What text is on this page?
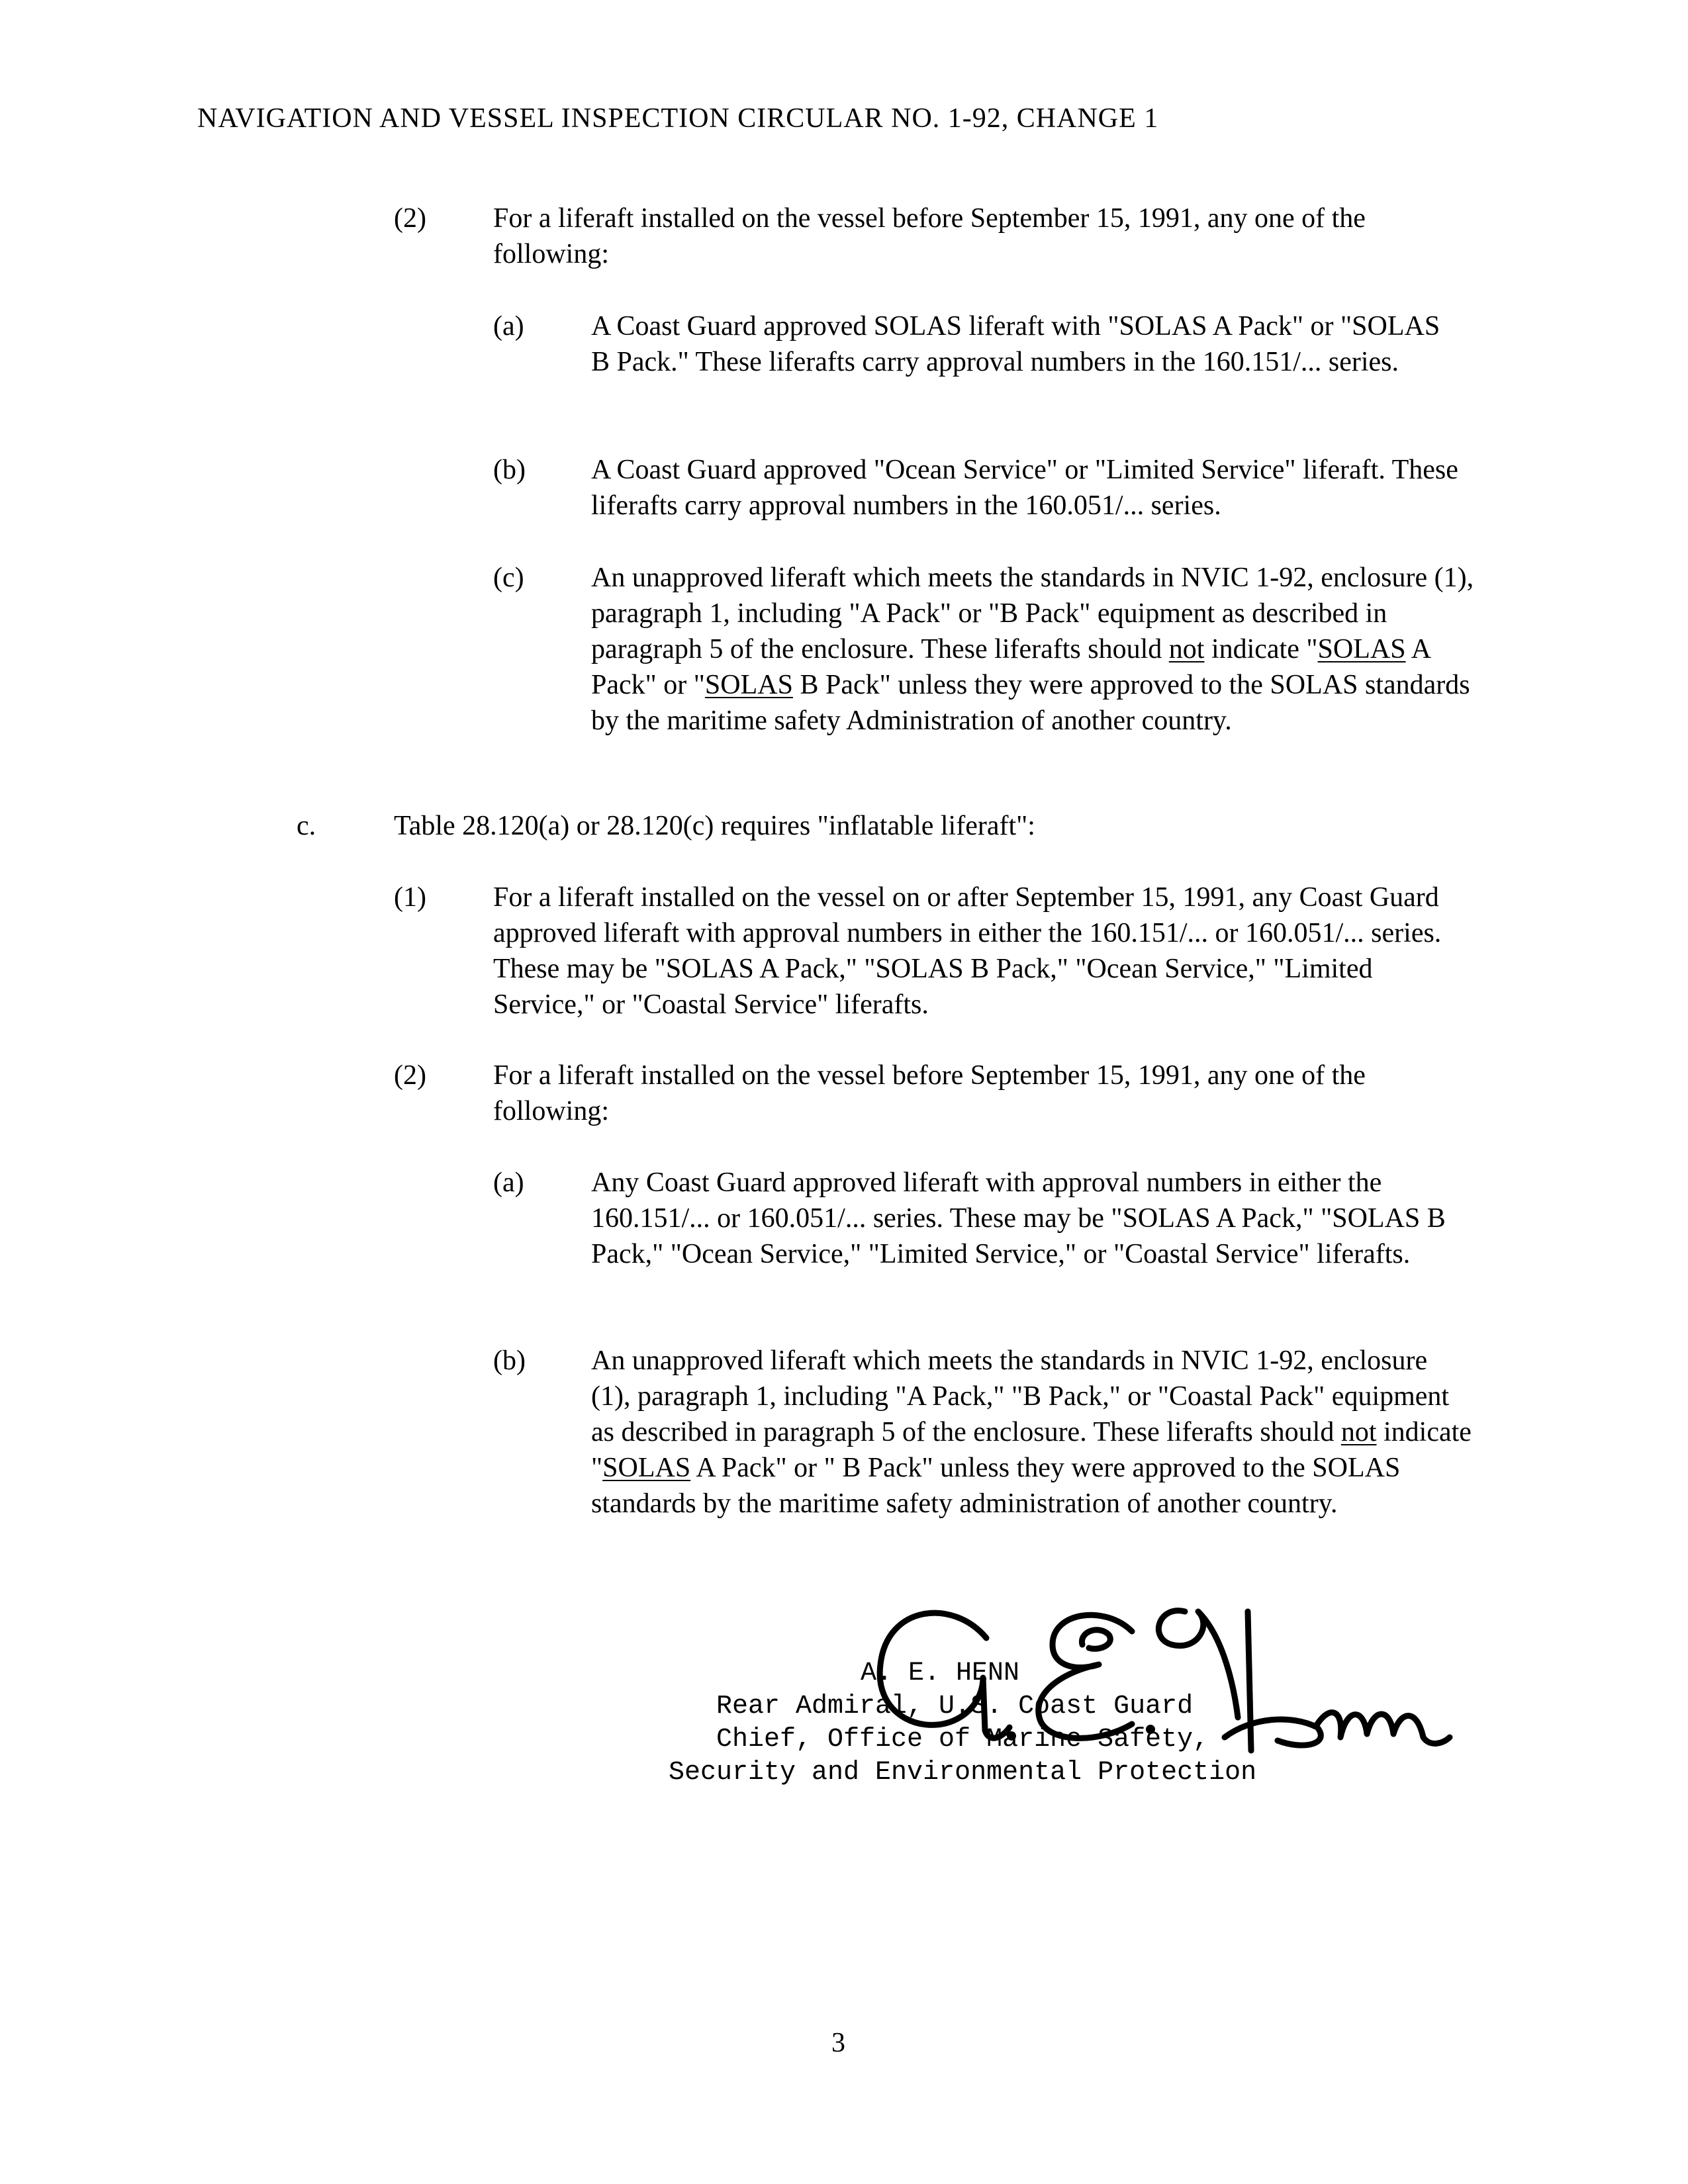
NAVIGATION AND VESSEL INSPECTION CIRCULAR NO. 1-92, CHANGE 1
(2) For a liferaft installed on the vessel before September 15, 1991, any one of the following:
(a) A Coast Guard approved SOLAS liferaft with "SOLAS A Pack" or "SOLAS B Pack." These liferafts carry approval numbers in the 160.151/... series.
(b) A Coast Guard approved "Ocean Service" or "Limited Service" liferaft. These liferafts carry approval numbers in the 160.051/... series.
(c) An unapproved liferaft which meets the standards in NVIC 1-92, enclosure (1), paragraph 1, including "A Pack" or "B Pack" equipment as described in paragraph 5 of the enclosure. These liferafts should not indicate "SOLAS A Pack" or "SOLAS B Pack" unless they were approved to the SOLAS standards by the maritime safety Administration of another country.
c.	Table 28.120(a) or 28.120(c) requires "inflatable liferaft":
(1) For a liferaft installed on the vessel on or after September 15, 1991, any Coast Guard approved liferaft with approval numbers in either the 160.151/... or 160.051/... series. These may be "SOLAS A Pack," "SOLAS B Pack," "Ocean Service," "Limited Service," or "Coastal Service" liferafts.
(2) For a liferaft installed on the vessel before September 15, 1991, any one of the following:
(a) Any Coast Guard approved liferaft with approval numbers in either the 160.151/... or 160.051/... series. These may be "SOLAS A Pack," "SOLAS B Pack," "Ocean Service," "Limited Service," or "Coastal Service" liferafts.
(b) An unapproved liferaft which meets the standards in NVIC 1-92, enclosure (1), paragraph 1, including "A Pack," "B Pack," or "Coastal Pack" equipment as described in paragraph 5 of the enclosure. These liferafts should not indicate "SOLAS A Pack" or " B Pack" unless they were approved to the SOLAS standards by the maritime safety administration of another country.
A. E. HENN
Rear Admiral, U.S. Coast Guard
Chief, Office of Marine Safety,
Security and Environmental Protection
3
